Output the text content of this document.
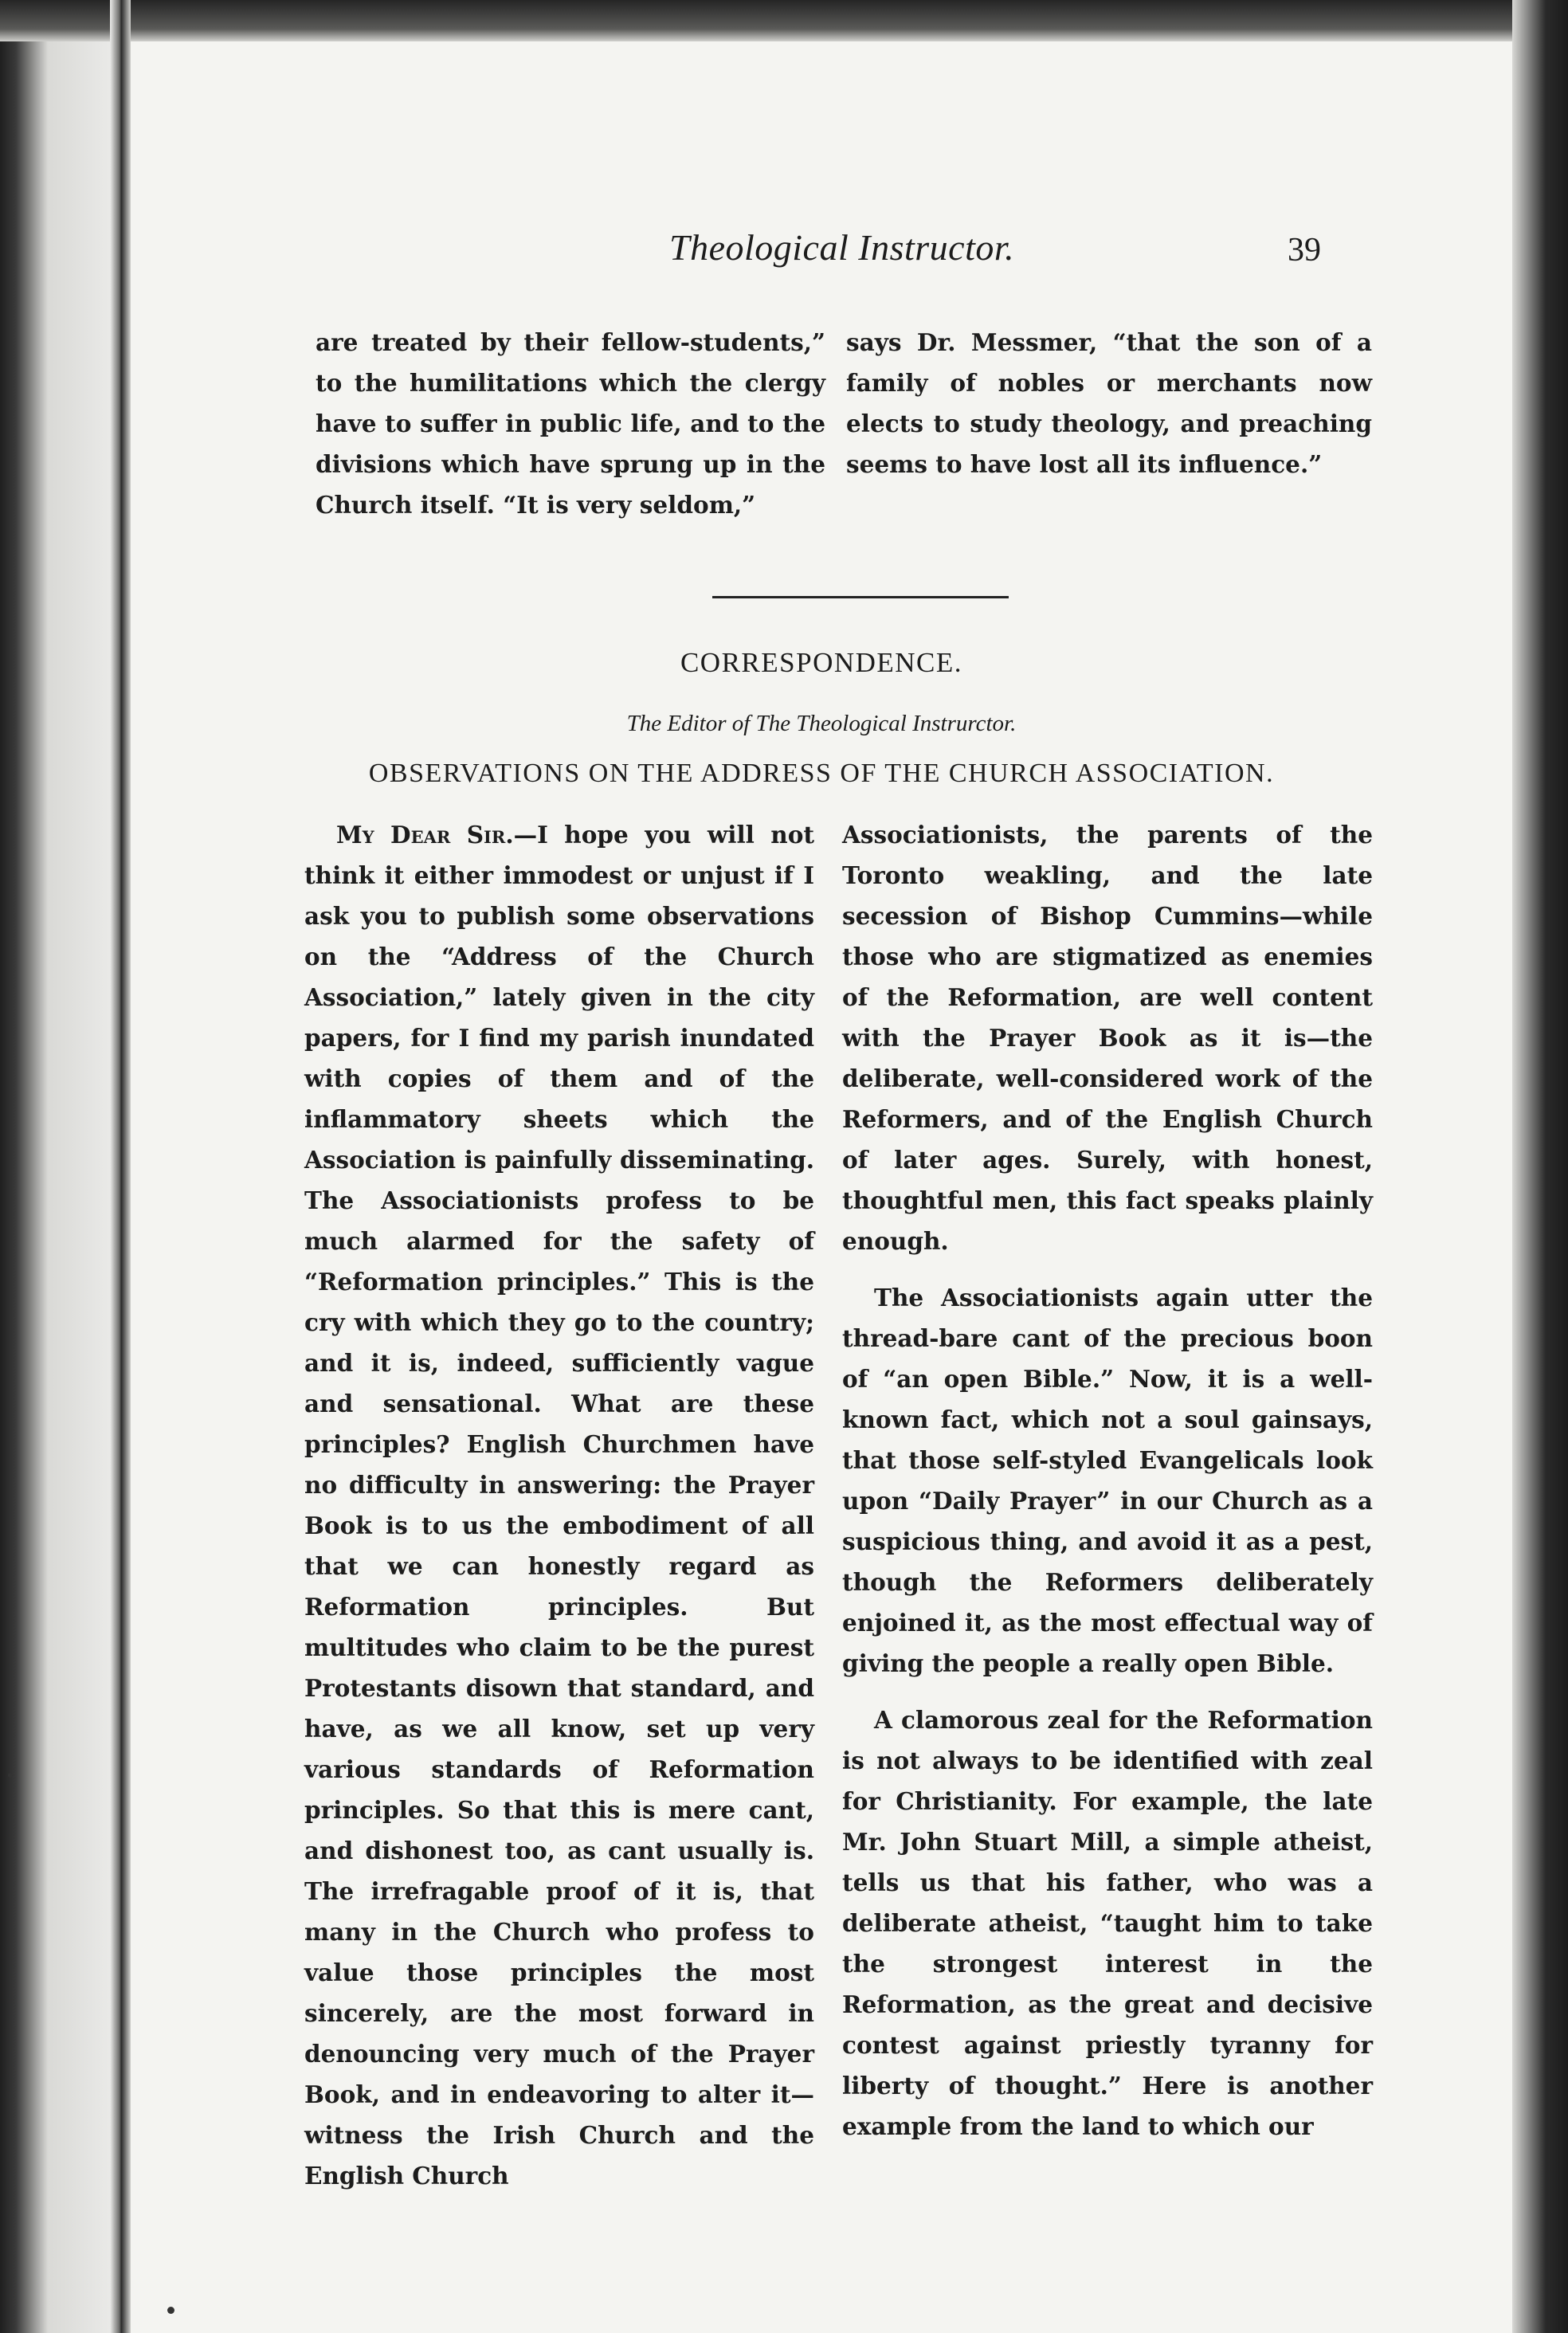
Theological Instructor.	39

are treated by their fellow-students,” to the humilitations which the clergy have to suffer in public life, and to the divisions which have sprung up in the Church itself. “It is very seldom,”

says Dr. Messmer, “that the son of a family of nobles or merchants now elects to study theology, and preaching seems to have lost all its influence.”

CORRESPONDENCE.
The Editor of The Theological Instrurctor.
OBSERVATIONS ON THE ADDRESS OF THE CHURCH ASSOCIATION.

My Dear Sir.—I hope you will not think it either immodest or unjust if I ask you to publish some observations on the “Address of the Church Association,” lately given in the city papers, for I find my parish inundated with copies of them and of the inflammatory sheets which the Association is painfully disseminating. The Associationists profess to be much alarmed for the safety of “Reformation principles.” This is the cry with which they go to the country; and it is, indeed, sufficiently vague and sensational. What are these principles? English Churchmen have no difficulty in answering: the Prayer Book is to us the embodiment of all that we can honestly regard as Reformation principles. But multitudes who claim to be the purest Protestants disown that standard, and have, as we all know, set up very various standards of Reformation principles. So that this is mere cant, and dishonest too, as cant usually is. The irrefragable proof of it is, that many in the Church who profess to value those principles the most sincerely, are the most forward in denouncing very much of the Prayer Book, and in endeavoring to alter it—witness the Irish Church and the English Church

Associationists, the parents of the Toronto weakling, and the late secession of Bishop Cummins—while those who are stigmatized as enemies of the Reformation, are well content with the Prayer Book as it is—the deliberate, well-considered work of the Reformers, and of the English Church of later ages. Surely, with honest, thoughtful men, this fact speaks plainly enough.

The Associationists again utter the thread-bare cant of the precious boon of “an open Bible.” Now, it is a well-known fact, which not a soul gainsays, that those self-styled Evangelicals look upon “Daily Prayer” in our Church as a suspicious thing, and avoid it as a pest, though the Reformers deliberately enjoined it, as the most effectual way of giving the people a really open Bible.

A clamorous zeal for the Reformation is not always to be identified with zeal for Christianity. For example, the late Mr. John Stuart Mill, a simple atheist, tells us that his father, who was a deliberate atheist, “taught him to take the strongest interest in the Reformation, as the great and decisive contest against priestly tyranny for liberty of thought.” Here is another example from the land to which our
